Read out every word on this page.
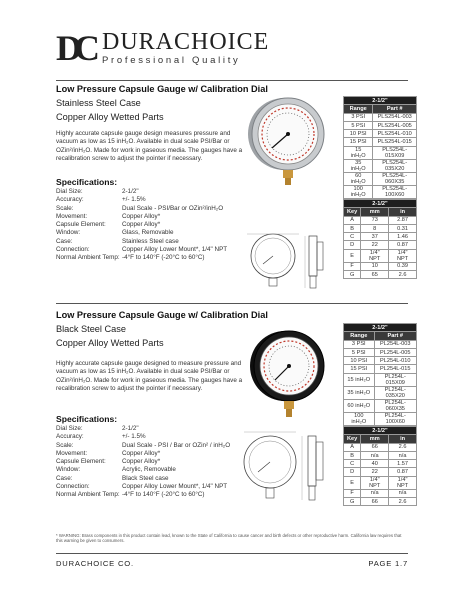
DC DURACHOICE
Professional Quality
Low Pressure Capsule Gauge w/ Calibration Dial
Stainless Steel Case
Copper Alloy Wetted Parts
Highly accurate capsule gauge design measures pressure and vacuum as low as 15 inH₂O. Available in dual scale PSI/Bar or OZin²/inH₂O. Made for work in gaseous media. The gauges have a recalibration screw to adjust the pointer if necessary.
Specifications:
Dial Size:	2-1/2"
Accuracy:	+/- 1.5%
Scale:	Dual Scale - PSI/Bar or OZin²/inH₂O
Movement:	Copper Alloy*
Capsule Element:	Copper Alloy*
Window:	Glass, Removable
Case:	Stainless Steel case
Connection:	Copper Alloy Lower Mount*, 1/4" NPT
Normal Ambient Temp: -4°F to 140°F (-20°C to 60°C)
2-1/2"	
Range	Part #
3 PSI	PLS254L-003
5 PSI	PLS254L-005
10 PSI	PLS254L-010
15 PSI	PLS254L-015
15 inH₂O	PLS254L-015X09
35 inH₂O	PLS254L-035X20
60 inH₂O	PLS254L-060X35
100 inH₂O	PLS254L-100X60
2-1/2"		
Key	mm	in
A	73	2.87
B	8	0.31
C	37	1.46
D	22	0.87
E	1/4" NPT	1/4" NPT
F	10	0.39
G	65	2.6
Low Pressure Capsule Gauge w/ Calibration Dial
Black Steel Case
Copper Alloy Wetted Parts
Highly accurate capsule gauge designed to measure pressure and vacuum as low as 15 inH₂O. Available in dual scale PSI/Bar or OZin²/inH₂O. Made for work in gaseous media. The gauges have a recalibration screw to adjust the pointer if necessary.
Specifications:
Dial Size:	2-1/2"
Accuracy:	+/- 1.5%
Scale:	Dual Scale - PSI / Bar or OZin² / inH₂O
Movement:	Copper Alloy*
Capsule Element:	Copper Alloy*
Window:	Acrylic, Removable
Case:	Black Steel case
Connection:	Copper Alloy Lower Mount*, 1/4" NPT
Normal Ambient Temp: -4°F to 140°F (-20°C to 60°C)
2-1/2"	
Range	Part #
3 PSI	PL254L-003
5 PSI	PL254L-005
10 PSI	PL254L-010
15 PSI	PL254L-015
15 inH₂O	PL254L-015X09
35 inH₂O	PL254L-035X20
60 inH₂O	PL254L-060X35
100 inH₂O	PL254L-100X60
2-1/2"		
Key	mm	in
A	66	2.6
B	n/a	n/a
C	40	1.57
D	22	0.87
E	1/4" NPT	1/4" NPT
F	n/a	n/a
G	66	2.6
* WARNING: Brass components in this product contain lead, known to the State of California to cause cancer and birth defects or other reproductive harm. California law requires that this warning be given to consumers.
DURACHOICE CO.	PAGE 1.7
